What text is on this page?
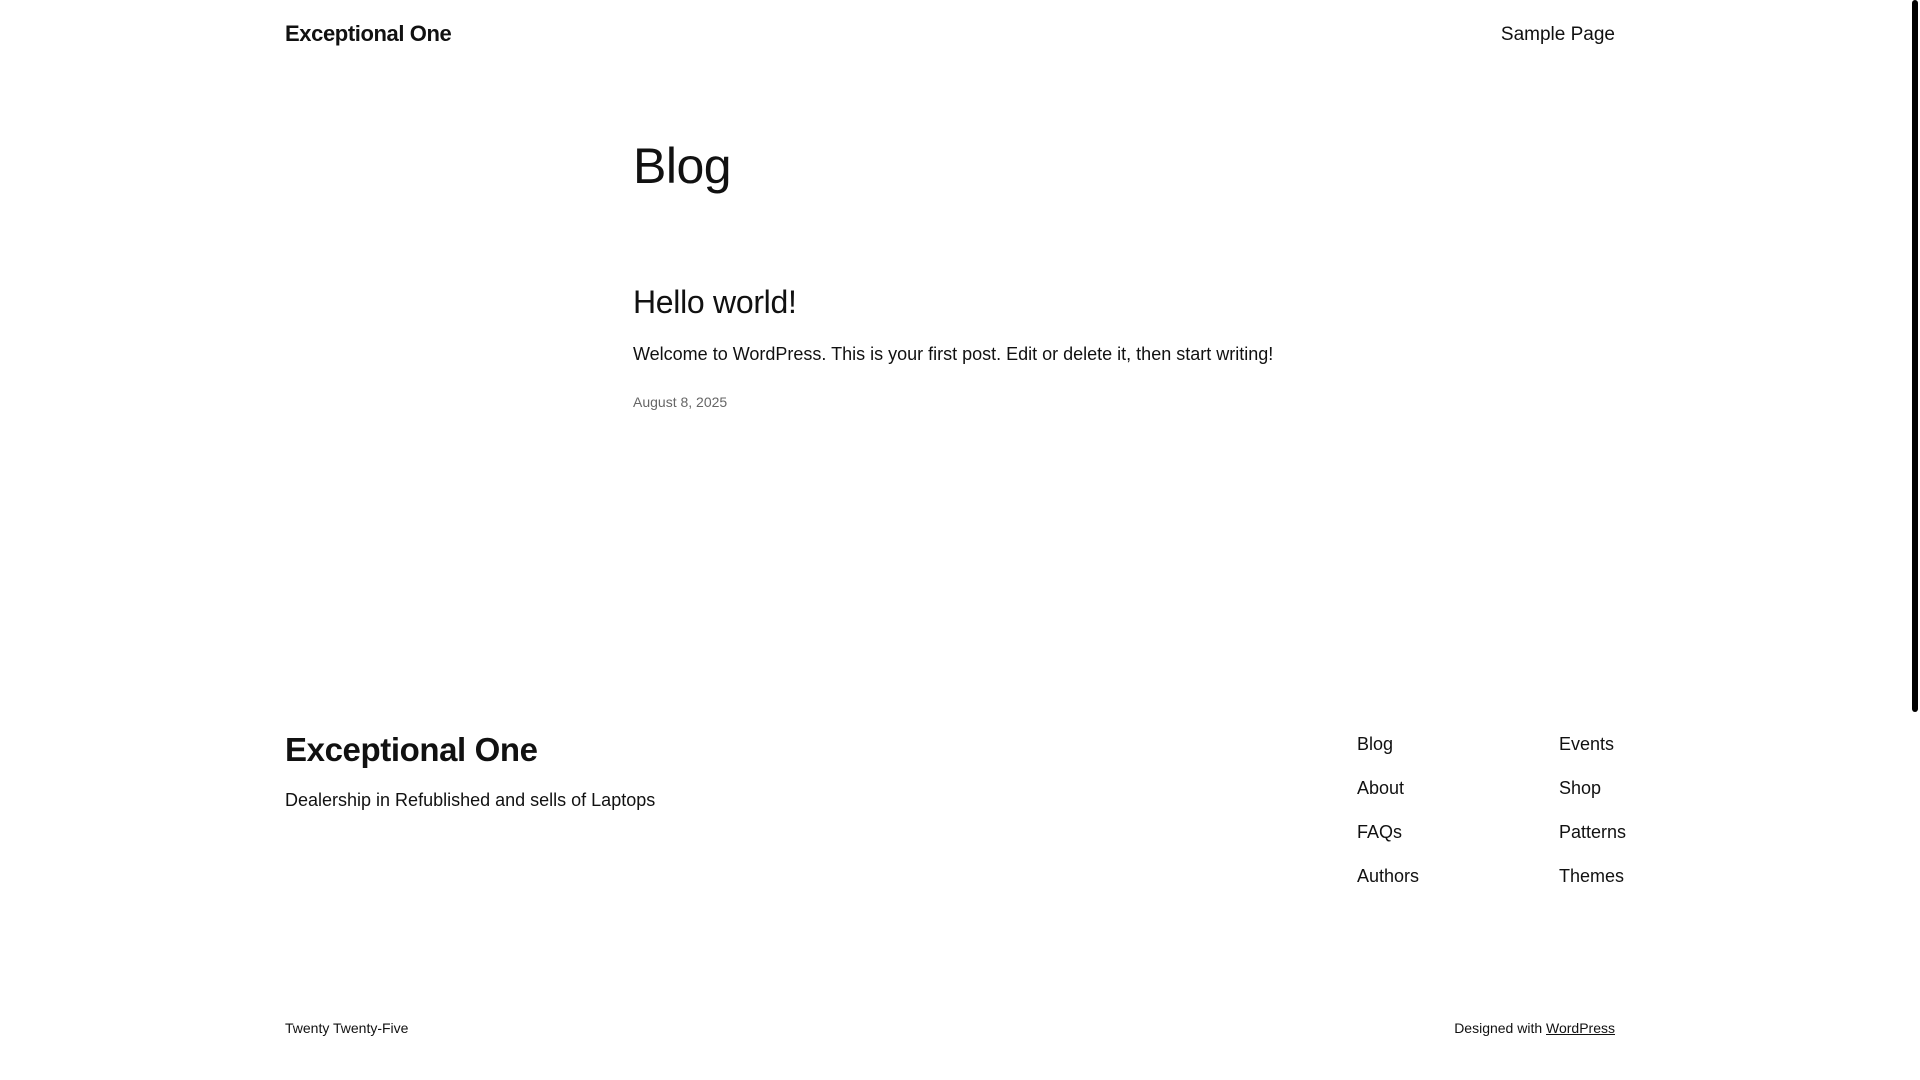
Exceptional One	Sample Page
Blog
Hello world!

Welcome to WordPress. This is your first post. Edit or delete it, then start writing!

August 8, 2025
Exceptional One
Dealership in Refublished and sells of Laptops
Blog
About
FAQs
Authors
Events
Shop
Patterns
Themes
Twenty Twenty-Five	Designed with WordPress
